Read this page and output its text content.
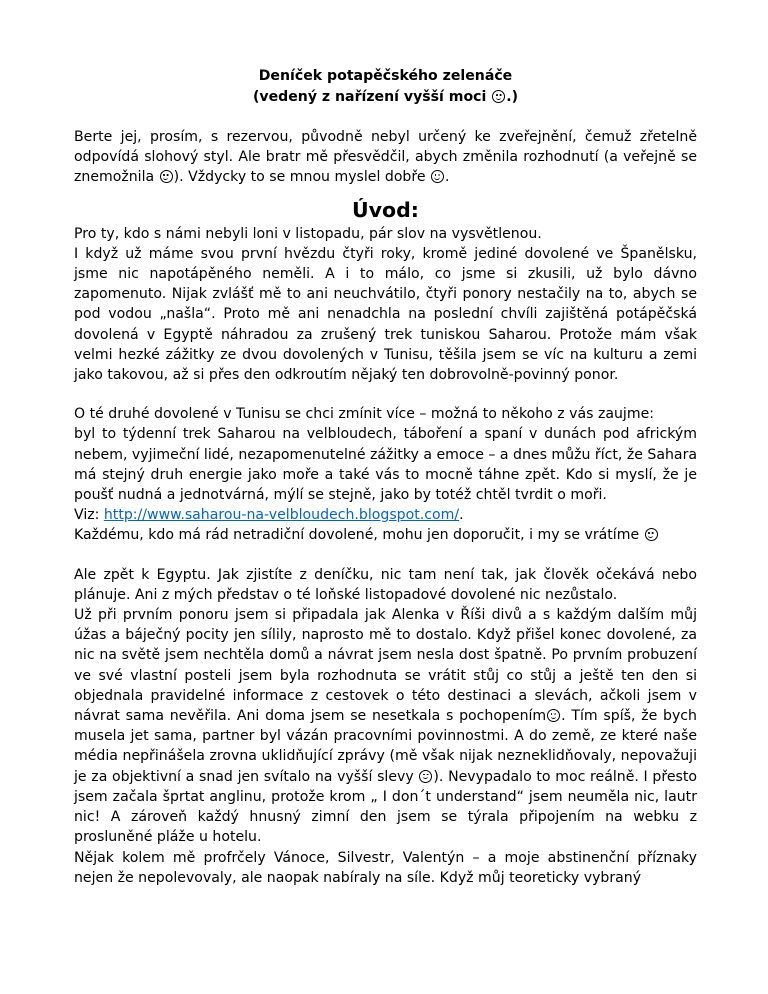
Deníček potapěčského zelenáče
(vedený z nařízení vyšší moci .)

Berte jej, prosím, s rezervou, původně nebyl určený ke zveřejnění, čemuž zřetelně odpovídá slohový styl. Ale bratr mě přesvědčil, abych změnila rozhodnutí (a veřejně se znemožnila ). Vždycky to se mnou myslel dobře .

Úvod:

Pro ty, kdo s námi nebyli loni v listopadu, pár slov na vysvětlenou.

I když už máme svou první hvězdu čtyři roky, kromě jediné dovolené ve Španělsku, jsme nic napotápěného neměli. A i to málo, co jsme si zkusili, už bylo dávno zapomenuto. Nijak zvlášť mě to ani neuchvátilo, čtyři ponory nestačily na to, abych se pod vodou „našla“. Proto mě ani nenadchla na poslední chvíli zajištěná potápěčská dovolená v Egyptě náhradou za zrušený trek tuniskou Saharou. Protože mám však velmi hezké zážitky ze dvou dovolených v Tunisu, těšila jsem se víc na kulturu a zemi jako takovou, až si přes den odkroutím nějaký ten dobrovolně-povinný ponor.

O té druhé dovolené v Tunisu se chci zmínit více – možná to někoho z vás zaujme:

byl to týdenní trek Saharou na velbloudech, táboření a spaní v dunách pod africkým nebem, vyjimeční lidé, nezapomenutelné zážitky a emoce – a dnes můžu říct, že Sahara má stejný druh energie jako moře a také vás to mocně táhne zpět. Kdo si myslí, že je poušť nudná a jednotvárná, mýlí se stejně, jako by totéž chtěl tvrdit o moři.

Viz: http://www.saharou-na-velbloudech.blogspot.com/.

Každému, kdo má rád netradiční dovolené, mohu jen doporučit, i my se vrátíme

Ale zpět k Egyptu. Jak zjistíte z deníčku, nic tam není tak, jak člověk očekává nebo plánuje. Ani z mých představ o té loňské listopadové dovolené nic nezůstalo.

Už při prvním ponoru jsem si připadala jak Alenka v Říši divů a s každým dalším můj úžas a báječný pocity jen sílily, naprosto mě to dostalo. Když přišel konec dovolené, za nic na světě jsem nechtěla domů a návrat jsem nesla dost špatně. Po prvním probuzení ve své vlastní posteli jsem byla rozhodnuta se vrátit stůj co stůj a ještě ten den si objednala pravidelné informace z cestovek o této destinaci a slevách, ačkoli jsem v návrat sama nevěřila. Ani doma jsem se nesetkala s pochopením . Tím spíš, že bych musela jet sama, partner byl vázán pracovními povinnostmi. A do země, ze které naše média nepřinášela zrovna uklidňující zprávy (mě však nijak nezneklidňovaly, nepovažuji je za objektivní a snad jen svítalo na vyšší slevy ). Nevypadalo to moc reálně. I přesto jsem začala šprtat anglinu, protože krom „ I don´t understand“ jsem neuměla nic, lautr nic! A zároveň každý hnusný zimní den jsem se týrala připojením na webku z prosluněné pláže u hotelu.

Nějak kolem mě profrčely Vánoce, Silvestr, Valentýn – a moje abstinenční příznaky nejen že nepolevovaly, ale naopak nabíraly na síle. Když můj teoreticky vybraný
